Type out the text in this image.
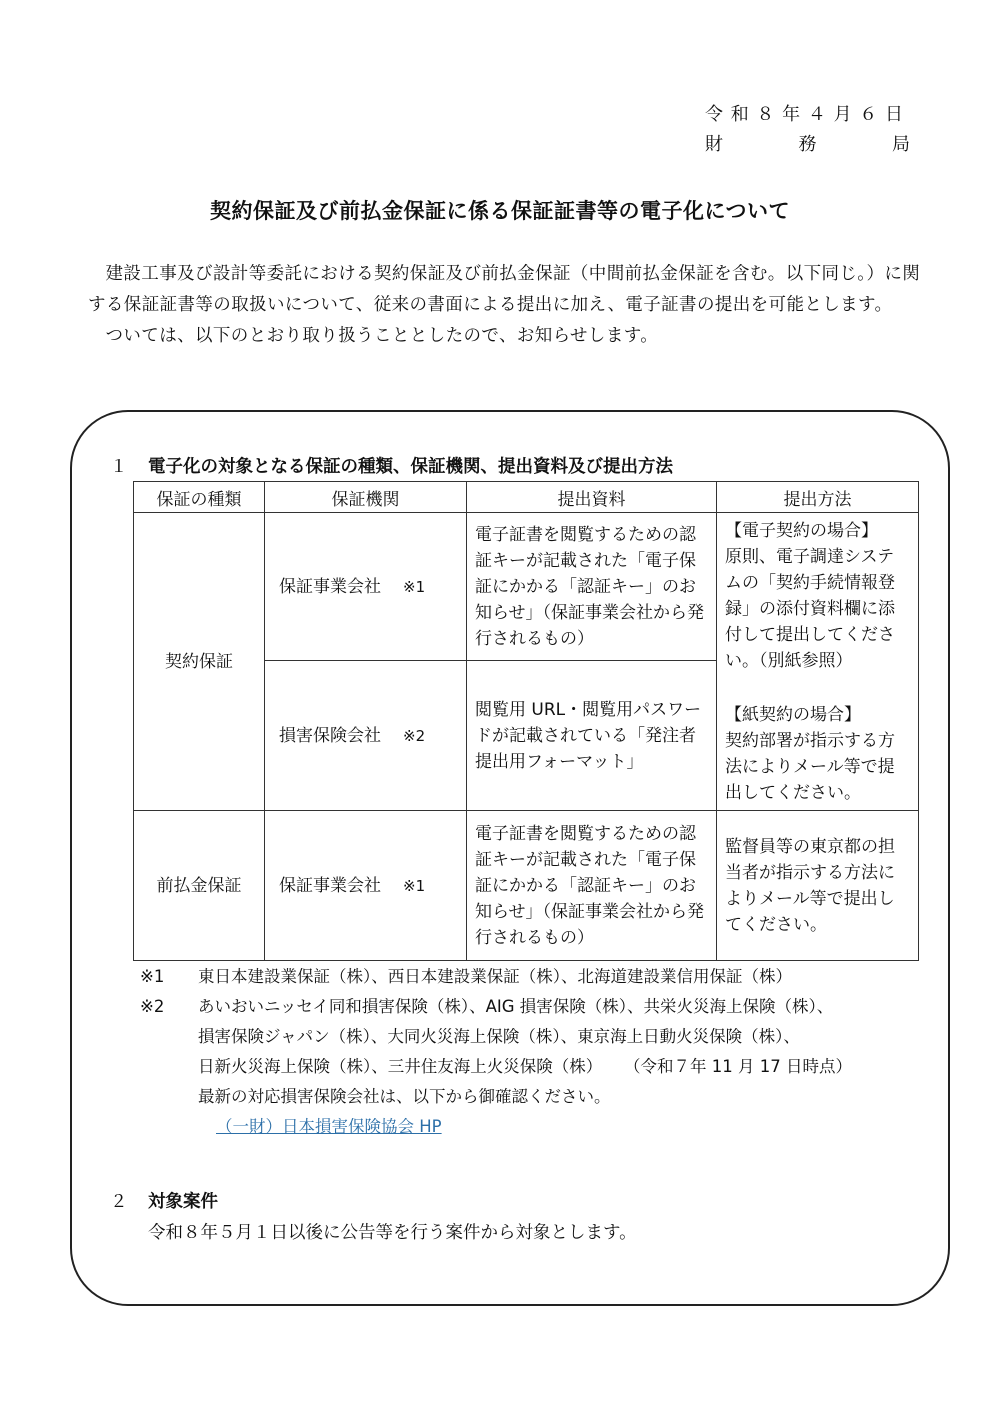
令和８年４月６日
財	務	局
契約保証及び前払金保証に係る保証証書等の電子化について

建設工事及び設計等委託における契約保証及び前払金保証（中間前払金保証を含む。以下同じ。）に関する保証証書等の取扱いについて、従来の書面による提出に加え、電子証書の提出を可能とします。

ついては、以下のとおり取り扱うこととしたので、お知らせします。

１ 電子化の対象となる保証の種類、保証機関、提出資料及び提出方法
保証の種類	保証機関	提出資料	提出方法
契約保証	保証事業会社 ※1	電子証書を閲覧するための認証キーが記載された「電子保証にかかる「認証キー」のお知らせ」（保証事業会社から発行されるもの）	【電子契約の場合】
原則、電子調達システムの「契約手続情報登録」の添付資料欄に添付して提出してください。（別紙参照）
【紙契約の場合】
契約部署が指示する方法によりメール等で提出してください。

	損害保険会社 ※2	閲覧用 URL・閲覧用パスワードが記載されている「発注者提出用フォーマット」	
前払金保証	保証事業会社 ※1	電子証書を閲覧するための認証キーが記載された「電子保証にかかる「認証キー」のお知らせ」（保証事業会社から発行されるもの）	監督員等の東京都の担当者が指示する方法によりメール等で提出してください。
※1	東日本建設業保証（株）、西日本建設業保証（株）、北海道建設業信用保証（株）
※2	あいおいニッセイ同和損害保険（株）、AIG 損害保険（株）、共栄火災海上保険（株）、
損害保険ジャパン（株）、大同火災海上保険（株）、東京海上日動火災保険（株）、
日新火災海上保険（株）、三井住友海上火災保険（株） （令和７年 11 月 17 日時点）
最新の対応損害保険会社は、以下から御確認ください。
（一財）日本損害保険協会 HP
２ 対象案件
令和８年５月１日以後に公告等を行う案件から対象とします。
